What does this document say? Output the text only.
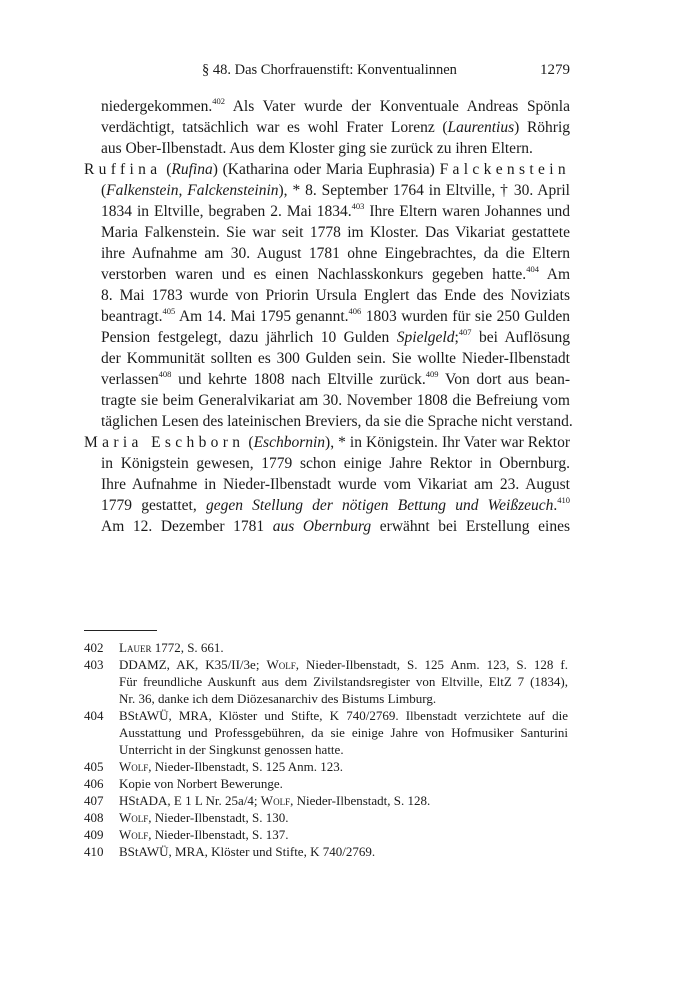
§ 48. Das Chorfrauenstift: Konventualinnen	1279
niedergekommen.$^{402}$ Als Vater wurde der Konventuale Andreas Spönla
verdächtigt, tatsächlich war es wohl Frater Lorenz (Laurentius) Röhrig
aus Ober-Ilbenstadt. Aus dem Kloster ging sie zurück zu ihren Eltern.
Ruffina (Rufina) (Katharina oder Maria Euphrasia) Falckenstein
(Falkenstein, Falckensteinin), * 8. September 1764 in Eltville, † 30. April
1834 in Eltville, begraben 2. Mai 1834.$^{403}$ Ihre Eltern waren Johannes und
Maria Falkenstein. Sie war seit 1778 im Kloster. Das Vikariat gestattete
ihre Aufnahme am 30. August 1781 ohne Eingebrachtes, da die Eltern
verstorben waren und es einen Nachlasskonkurs gegeben hatte.$^{404}$ Am
8. Mai 1783 wurde von Priorin Ursula Englert das Ende des Noviziats
beantragt.$^{405}$ Am 14. Mai 1795 genannt.$^{406}$ 1803 wurden für sie 250 Gulden
Pension festgelegt, dazu jährlich 10 Gulden Spielgeld;$^{407}$ bei Auflösung
der Kommunität sollten es 300 Gulden sein. Sie wollte Nieder-Ilbenstadt
verlassen$^{408}$ und kehrte 1808 nach Eltville zurück.$^{409}$ Von dort aus bean-
tragte sie beim Generalvikariat am 30. November 1808 die Befreiung vom
täglichen Lesen des lateinischen Breviers, da sie die Sprache nicht verstand.
Maria Eschborn (Eschbornin), * in Königstein. Ihr Vater war Rektor
in Königstein gewesen, 1779 schon einige Jahre Rektor in Obernburg.
Ihre Aufnahme in Nieder-Ilbenstadt wurde vom Vikariat am 23. August
1779 gestattet, gegen Stellung der nötigen Bettung und Weißzeuch.$^{410}$
Am 12. Dezember 1781 aus Obernburg erwähnt bei Erstellung eines
402 Lauer 1772, S. 661.
403 DDAMZ, AK, K35/II/3e; Wolf, Nieder-Ilbenstadt, S. 125 Anm. 123, S. 128 f.
Für freundliche Auskunft aus dem Zivilstandsregister von Eltville, EltZ 7 (1834),
Nr. 36, danke ich dem Diözesanarchiv des Bistums Limburg.
404 BStAWÜ, MRA, Klöster und Stifte, K 740/2769. Ilbenstadt verzichtete auf die
Ausstattung und Professgebühren, da sie einige Jahre von Hofmusiker Santurini
Unterricht in der Singkunst genossen hatte.
405 Wolf, Nieder-Ilbenstadt, S. 125 Anm. 123.
406 Kopie von Norbert Bewerunge.
407 HStADA, E 1 L Nr. 25a/4; Wolf, Nieder-Ilbenstadt, S. 128.
408 Wolf, Nieder-Ilbenstadt, S. 130.
409 Wolf, Nieder-Ilbenstadt, S. 137.
410 BStAWÜ, MRA, Klöster und Stifte, K 740/2769.
